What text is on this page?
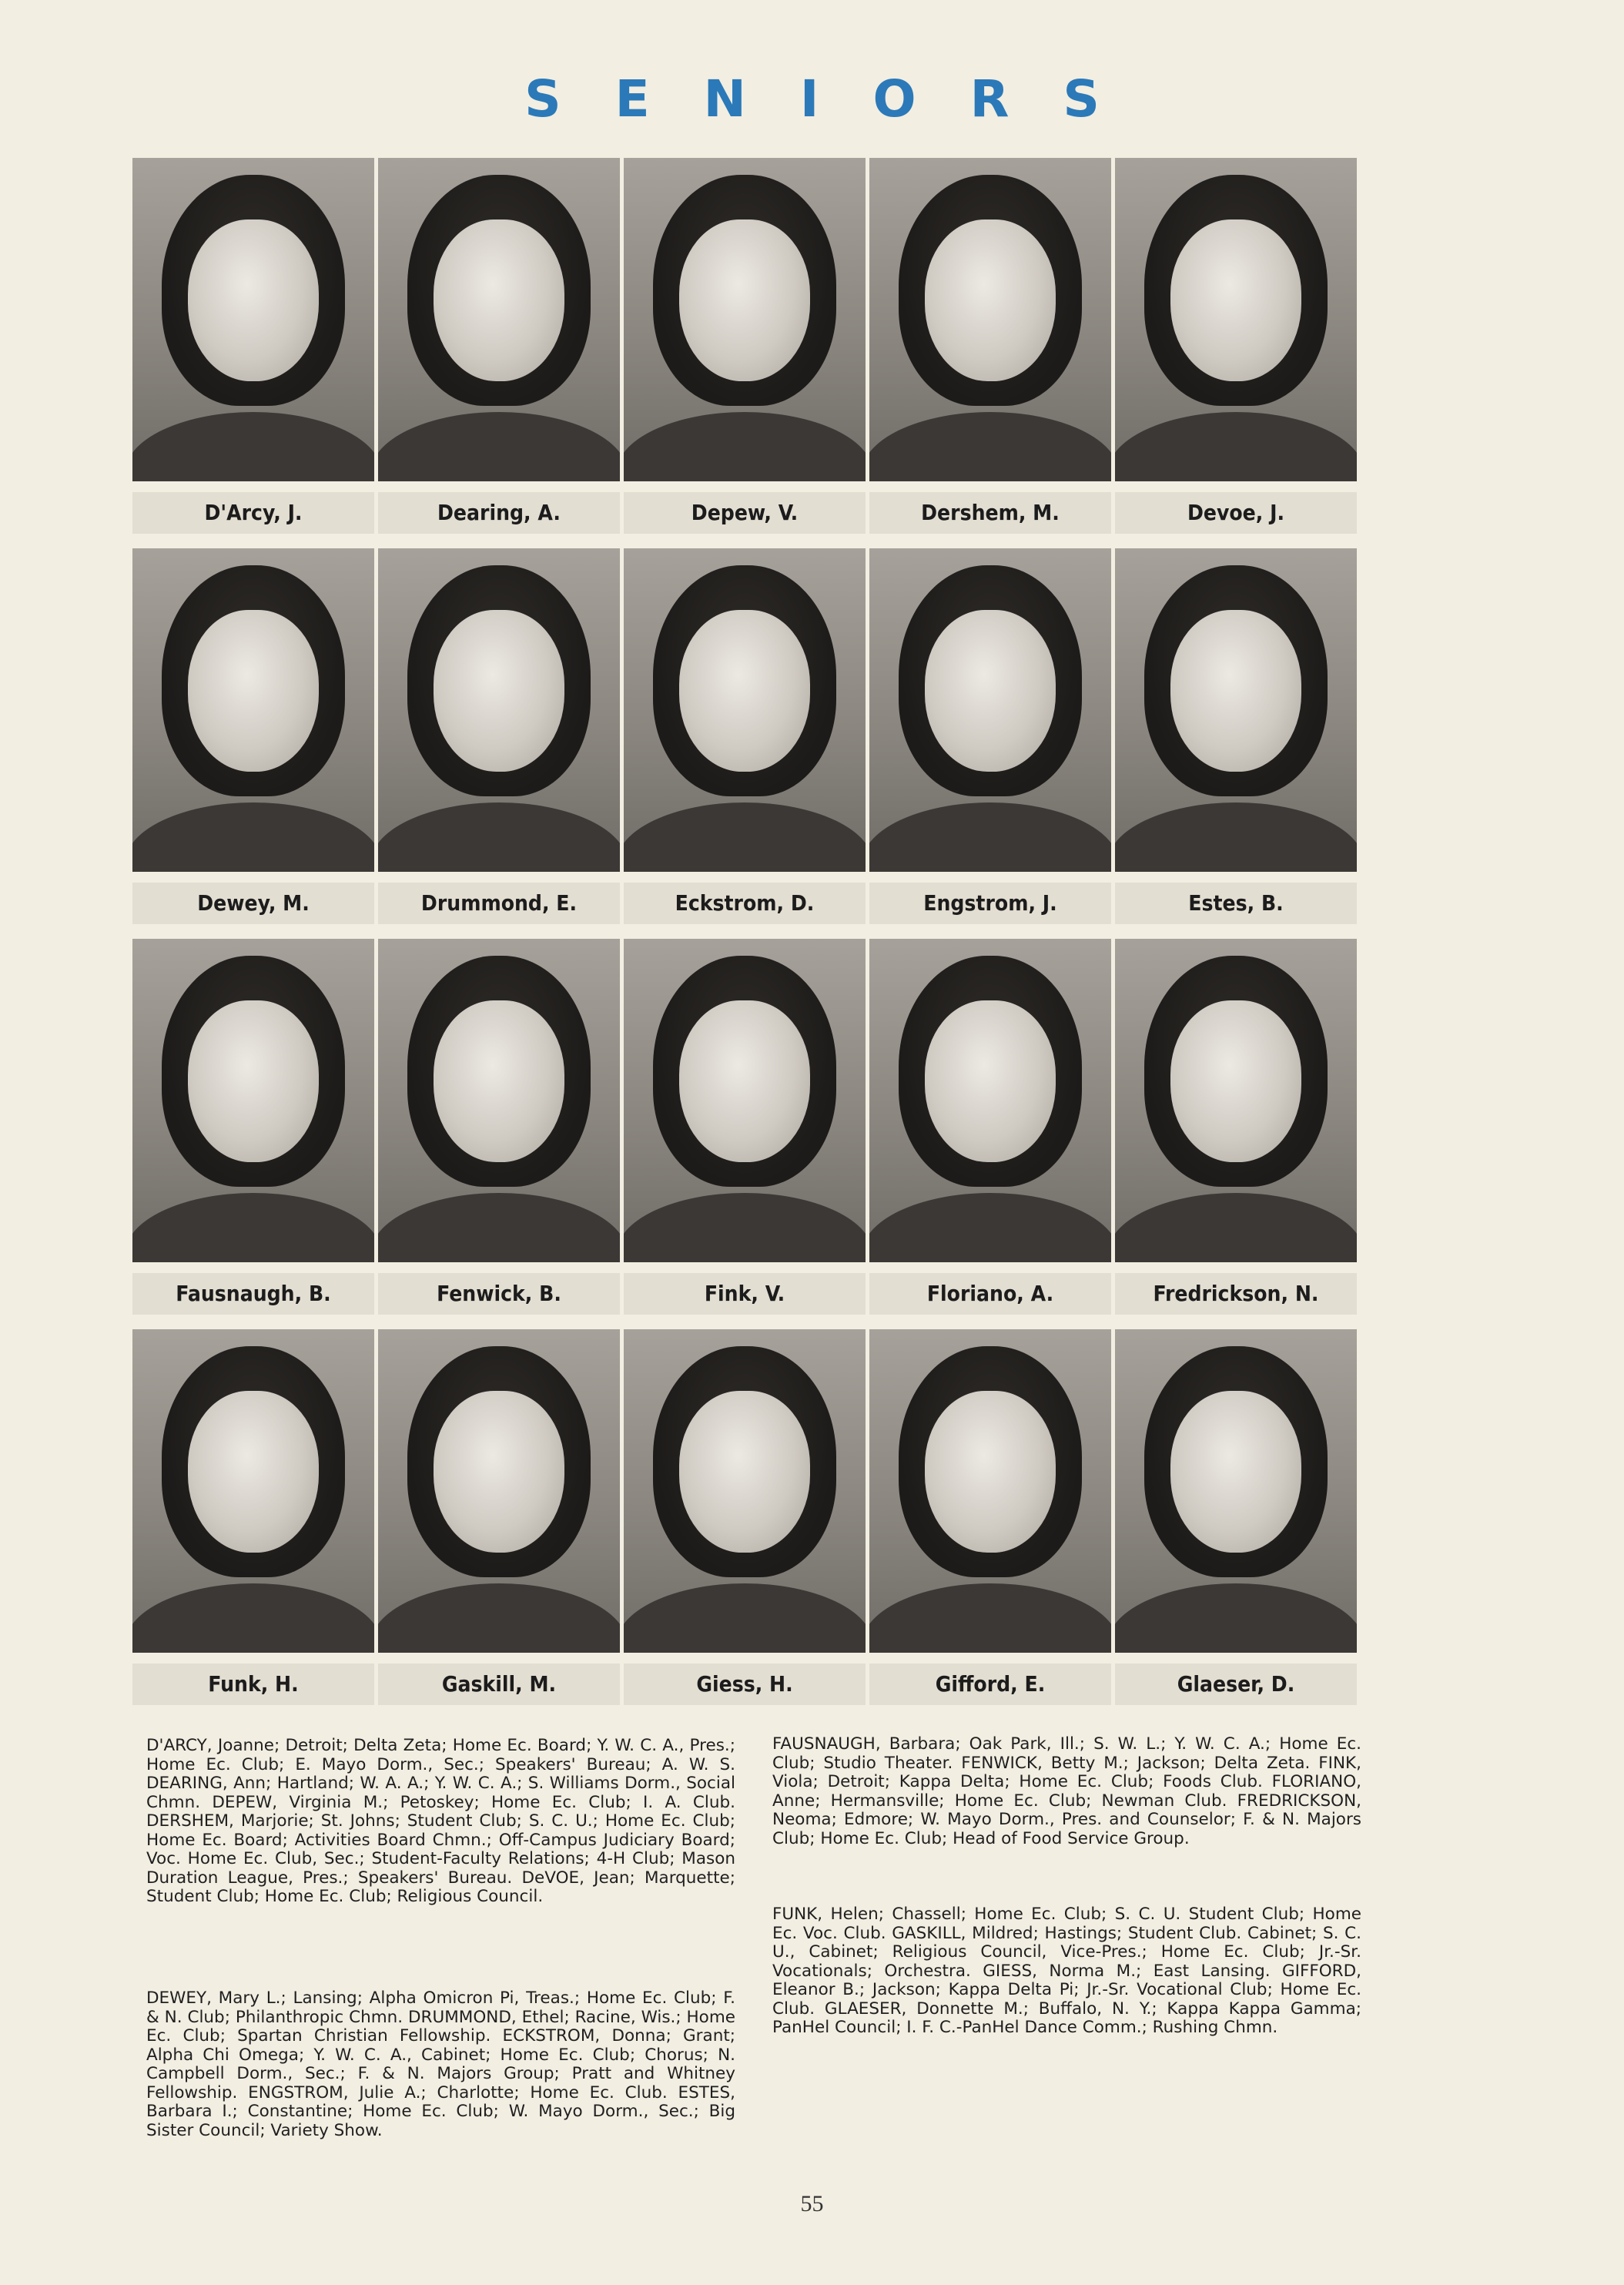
SENIORS
D'Arcy, J.	Dearing, A.	Depew, V.	Dershem, M.	Devoe, J.
Dewey, M.	Drummond, E.	Eckstrom, D.	Engstrom, J.	Estes, B.
Fausnaugh, B.	Fenwick, B.	Fink, V.	Floriano, A.	Fredrickson, N.
Funk, H.	Gaskill, M.	Giess, H.	Gifford, E.	Glaeser, D.

D'ARCY, Joanne; Detroit; Delta Zeta; Home Ec. Board; Y. W. C. A., Pres.; Home Ec. Club; E. Mayo Dorm., Sec.; Speakers' Bureau; A. W. S. DEARING, Ann; Hartland; W. A. A.; Y. W. C. A.; S. Williams Dorm., Social Chmn. DEPEW, Virginia M.; Petoskey; Home Ec. Club; I. A. Club. DERSHEM, Marjorie; St. Johns; Student Club; S. C. U.; Home Ec. Club; Home Ec. Board; Activities Board Chmn.; Off-Campus Judiciary Board; Voc. Home Ec. Club, Sec.; Student-Faculty Relations; 4-H Club; Mason Duration League, Pres.; Speakers' Bureau. DeVOE, Jean; Marquette; Student Club; Home Ec. Club; Religious Council.

DEWEY, Mary L.; Lansing; Alpha Omicron Pi, Treas.; Home Ec. Club; F. & N. Club; Philanthropic Chmn. DRUMMOND, Ethel; Racine, Wis.; Home Ec. Club; Spartan Christian Fellowship. ECKSTROM, Donna; Grant; Alpha Chi Omega; Y. W. C. A., Cabinet; Home Ec. Club; Chorus; N. Campbell Dorm., Sec.; F. & N. Majors Group; Pratt and Whitney Fellowship. ENGSTROM, Julie A.; Charlotte; Home Ec. Club. ESTES, Barbara I.; Constantine; Home Ec. Club; W. Mayo Dorm., Sec.; Big Sister Council; Variety Show.

FAUSNAUGH, Barbara; Oak Park, Ill.; S. W. L.; Y. W. C. A.; Home Ec. Club; Studio Theater. FENWICK, Betty M.; Jackson; Delta Zeta. FINK, Viola; Detroit; Kappa Delta; Home Ec. Club; Foods Club. FLORIANO, Anne; Hermansville; Home Ec. Club; Newman Club. FREDRICKSON, Neoma; Edmore; W. Mayo Dorm., Pres. and Counselor; F. & N. Majors Club; Home Ec. Club; Head of Food Service Group.

FUNK, Helen; Chassell; Home Ec. Club; S. C. U. Student Club; Home Ec. Voc. Club. GASKILL, Mildred; Hastings; Student Club. Cabinet; S. C. U., Cabinet; Religious Council, Vice-Pres.; Home Ec. Club; Jr.-Sr. Vocationals; Orchestra. GIESS, Norma M.; East Lansing. GIFFORD, Eleanor B.; Jackson; Kappa Delta Pi; Jr.-Sr. Vocational Club; Home Ec. Club. GLAESER, Donnette M.; Buffalo, N. Y.; Kappa Kappa Gamma; PanHel Council; I. F. C.-PanHel Dance Comm.; Rushing Chmn.

55
